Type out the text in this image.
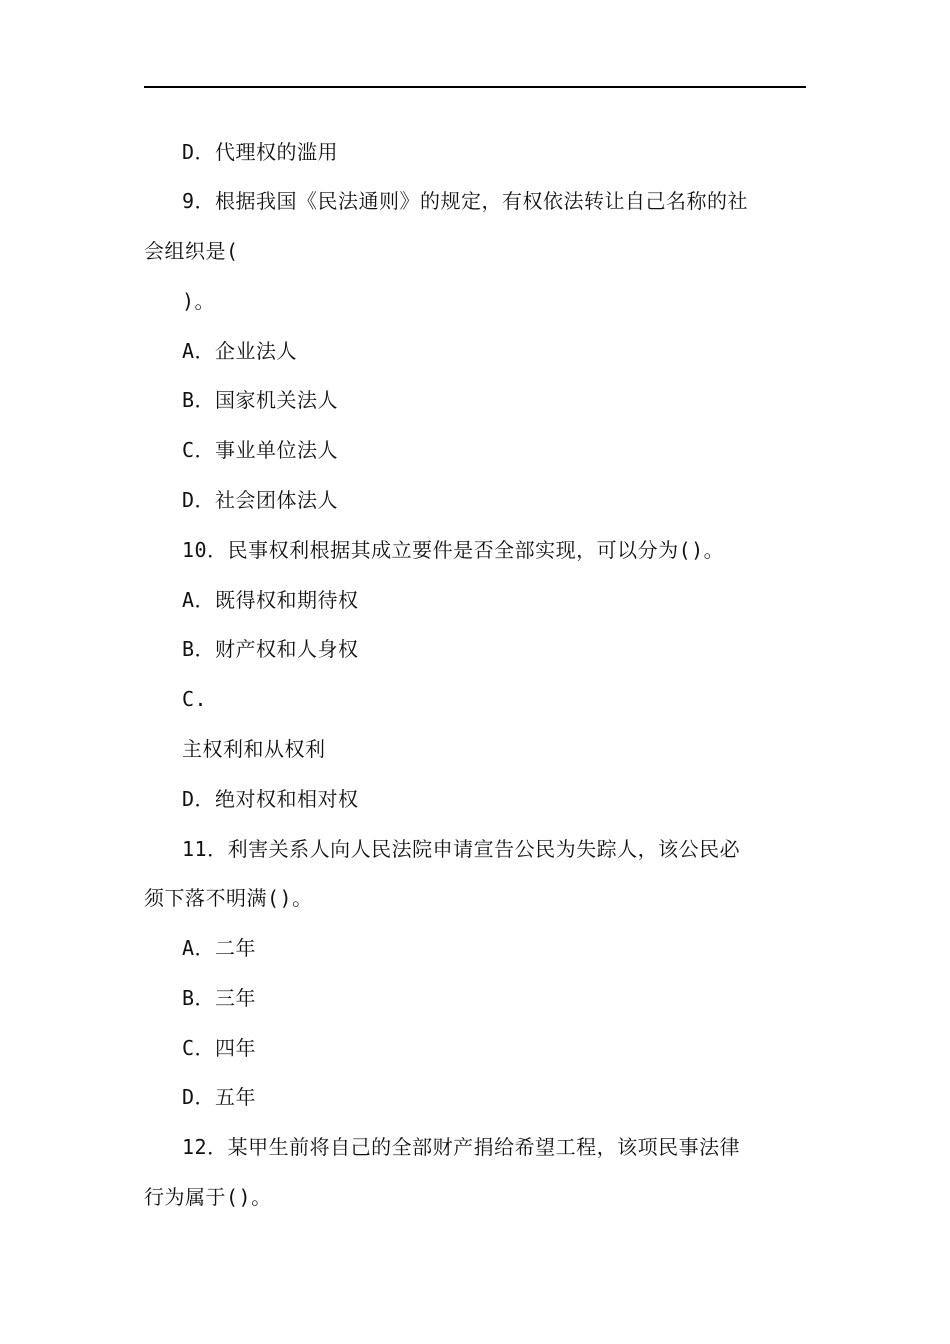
D．代理权的滥用
9．根据我国《民法通则》的规定，有权依法转让自己名称的社
会组织是(
)。
A．企业法人
B．国家机关法人
C．事业单位法人
D．社会团体法人
10．民事权利根据其成立要件是否全部实现，可以分为()。
A．既得权和期待权
B．财产权和人身权
C.
主权利和从权利
D．绝对权和相对权
11．利害关系人向人民法院申请宣告公民为失踪人，该公民必
须下落不明满()。
A．二年
B．三年
C．四年
D．五年
12．某甲生前将自己的全部财产捐给希望工程，该项民事法律
行为属于()。
